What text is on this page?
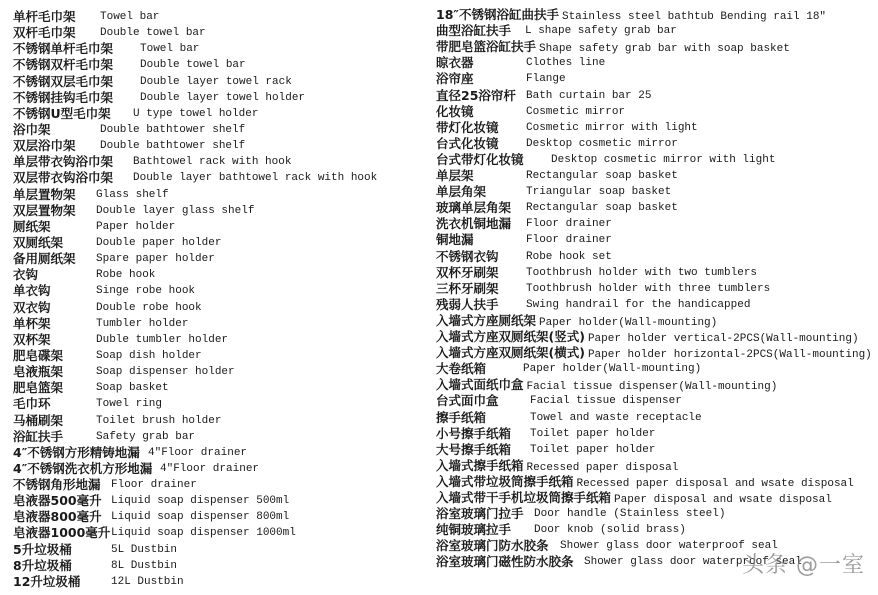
单杆毛巾架 Towel bar
双杆毛巾架 Double towel bar
不锈钢单杆毛巾架 Towel bar
不锈钢双杆毛巾架 Double towel bar
不锈钢双层毛巾架 Double layer towel rack
不锈钢挂钩毛巾架 Double layer towel holder
不锈钢U型毛巾架 U type towel holder
浴巾架	Double bathtower shelf
双层浴巾架 Double bathtower shelf
单层带衣钩浴巾架 Bathtowel rack with hook
双层带衣钩浴巾架 Double layer bathtowel rack with hook
单层置物架 Glass shelf
双层置物架 Double layer glass shelf
厕纸架	Paper holder
双厕纸架	Double paper holder
备用厕纸架 Spare paper holder
衣钩	Robe hook
单衣钩	Singe robe hook
双衣钩	Double robe hook
单杯架	Tumbler holder
双杯架	Duble tumbler holder
肥皂碟架	Soap dish holder
皂液瓶架	Soap dispenser holder
肥皂篮架	Soap basket
毛巾环	Towel ring
马桶刷架	Toilet brush holder
浴缸扶手	Safety grab bar
4″不锈钢方形精铸地漏 4″Floor drainer
4″不锈钢洗衣机方形地漏 4″Floor drainer
不锈钢角形地漏 Floor drainer
皂液器500毫升 Liquid soap dispenser 500ml
皂液器800毫升 Liquid soap dispenser 800ml
皂液器1000毫升 Liquid soap dispenser 1000ml
5升垃圾桶	5L Dustbin
8升垃圾桶	8L Dustbin
12升垃圾桶	12L Dustbin
18″不锈钢浴缸曲扶手 Stainless steel bathtub Bending rail 18″
曲型浴缸扶手 L shape safety grab bar
带肥皂篮浴缸扶手 Shape safety grab bar with soap basket
晾衣器	Clothes line
浴帘座	Flange
直径25浴帘杆 Bath curtain bar 25
化妆镜	Cosmetic mirror
带灯化妆镜 Cosmetic mirror with light
台式化妆镜 Desktop cosmetic mirror
台式带灯化妆镜 Desktop cosmetic mirror with light
单层架	Rectangular soap basket
单层角架	Triangular soap basket
玻璃单层角架 Rectangular soap basket
洗衣机铜地漏 Floor drainer
铜地漏	Floor drainer
不锈钢衣钩 Robe hook set
双杯牙刷架 Toothbrush holder with two tumblers
三杯牙刷架 Toothbrush holder with three tumblers
残弱人扶手 Swing handrail for the handicapped
入墙式方座厕纸架 Paper holder(Wall-mounting)
入墙式方座双厕纸架(竖式) Paper holder vertical-2PCS(Wall-mounting)
入墙式方座双厕纸架(横式) Paper holder horizontal-2PCS(Wall-mounting)
大卷纸箱	Paper holder(Wall-mounting)
入墙式面纸巾盒 Facial tissue dispenser(Wall-mounting)
台式面巾盒	Facial tissue dispenser
擦手纸箱	Towel and waste receptacle
小号擦手纸箱 Toilet paper holder
大号擦手纸箱 Toilet paper holder
入墙式擦手纸箱 Recessed paper disposal
入墙式带垃圾筒擦手纸箱 Recessed paper disposal and wsate disposal
入墙式带干手机垃圾筒擦手纸箱 Paper disposal and wsate disposal
浴室玻璃门拉手 Door handle (Stainless steel)
纯铜玻璃拉手 Door knob (solid brass)
浴室玻璃门防水胶条 Shower glass door waterproof seal
浴室玻璃门磁性防水胶条 Shower glass door waterproof seal
头条 @一室
